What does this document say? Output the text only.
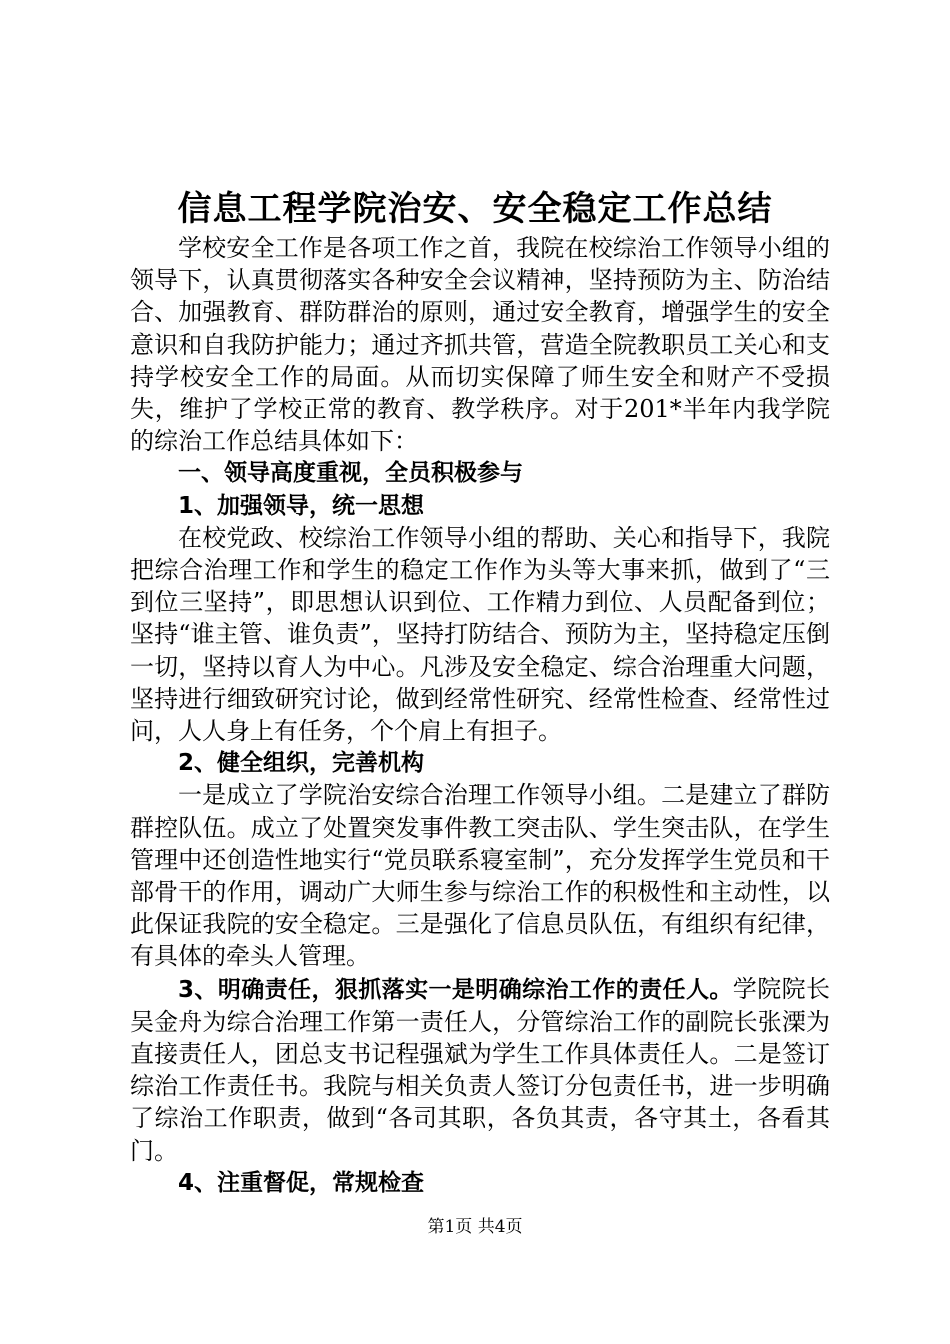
信息工程学院治安、安全稳定工作总结

学校安全工作是各项工作之首，我院在校综治工作领导小组的领导下，认真贯彻落实各种安全会议精神，坚持预防为主、防治结合、加强教育、群防群治的原则，通过安全教育，增强学生的安全意识和自我防护能力；通过齐抓共管，营造全院教职员工关心和支持学校安全工作的局面。从而切实保障了师生安全和财产不受损失，维护了学校正常的教育、教学秩序。对于201*半年内我学院的综治工作总结具体如下：

一、领导高度重视，全员积极参与

1、加强领导，统一思想

在校党政、校综治工作领导小组的帮助、关心和指导下，我院把综合治理工作和学生的稳定工作作为头等大事来抓，做到了“三到位三坚持”，即思想认识到位、工作精力到位、人员配备到位；坚持“谁主管、谁负责”，坚持打防结合、预防为主，坚持稳定压倒一切，坚持以育人为中心。凡涉及安全稳定、综合治理重大问题，坚持进行细致研究讨论，做到经常性研究、经常性检查、经常性过问，人人身上有任务，个个肩上有担子。

2、健全组织，完善机构

一是成立了学院治安综合治理工作领导小组。二是建立了群防群控队伍。成立了处置突发事件教工突击队、学生突击队，在学生管理中还创造性地实行“党员联系寝室制”，充分发挥学生党员和干部骨干的作用，调动广大师生参与综治工作的积极性和主动性，以此保证我院的安全稳定。三是强化了信息员队伍，有组织有纪律，有具体的牵头人管理。

3、明确责任，狠抓落实一是明确综治工作的责任人。学院院长吴金舟为综合治理工作第一责任人，分管综治工作的副院长张溧为直接责任人，团总支书记程强斌为学生工作具体责任人。二是签订综治工作责任书。我院与相关负责人签订分包责任书，进一步明确了综治工作职责，做到“各司其职，各负其责，各守其土，各看其门。

4、注重督促，常规检查

第1页 共4页
